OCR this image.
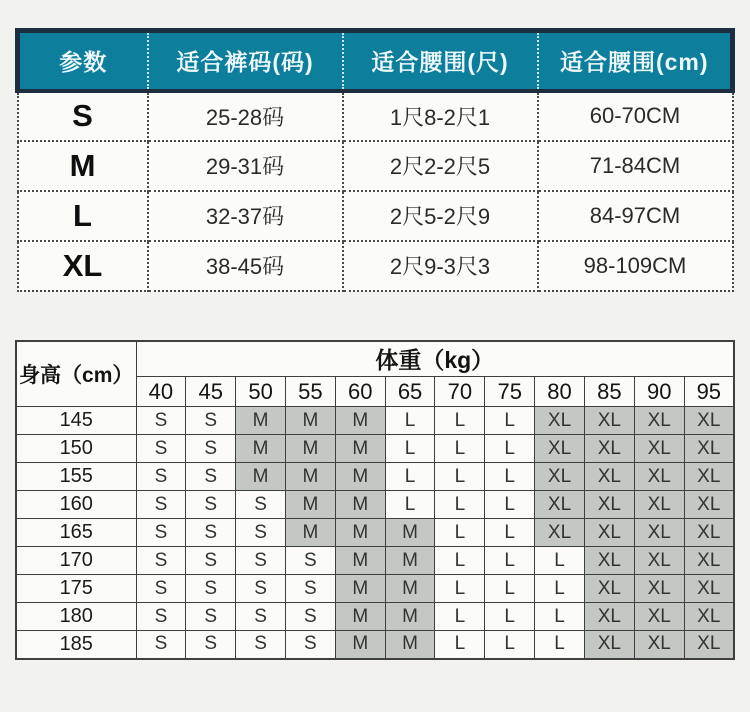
参数	适合裤码(码)	适合腰围(尺)	适合腰围(cm)
S	25-28码	1尺8-2尺1	60-70CM
M	29-31码	2尺2-2尺5	71-84CM
L	32-37码	2尺5-2尺9	84-97CM
XL	38-45码	2尺9-3尺3	98-109CM
身高（cm）	体重（kg）											
	40	45	50	55	60	65	70	75	80	85	90	95
145	S	S	M	M	M	L	L	L	XL	XL	XL	XL
150	S	S	M	M	M	L	L	L	XL	XL	XL	XL
155	S	S	M	M	M	L	L	L	XL	XL	XL	XL
160	S	S	S	M	M	L	L	L	XL	XL	XL	XL
165	S	S	S	M	M	M	L	L	XL	XL	XL	XL
170	S	S	S	S	M	M	L	L	L	XL	XL	XL
175	S	S	S	S	M	M	L	L	L	XL	XL	XL
180	S	S	S	S	M	M	L	L	L	XL	XL	XL
185	S	S	S	S	M	M	L	L	L	XL	XL	XL
